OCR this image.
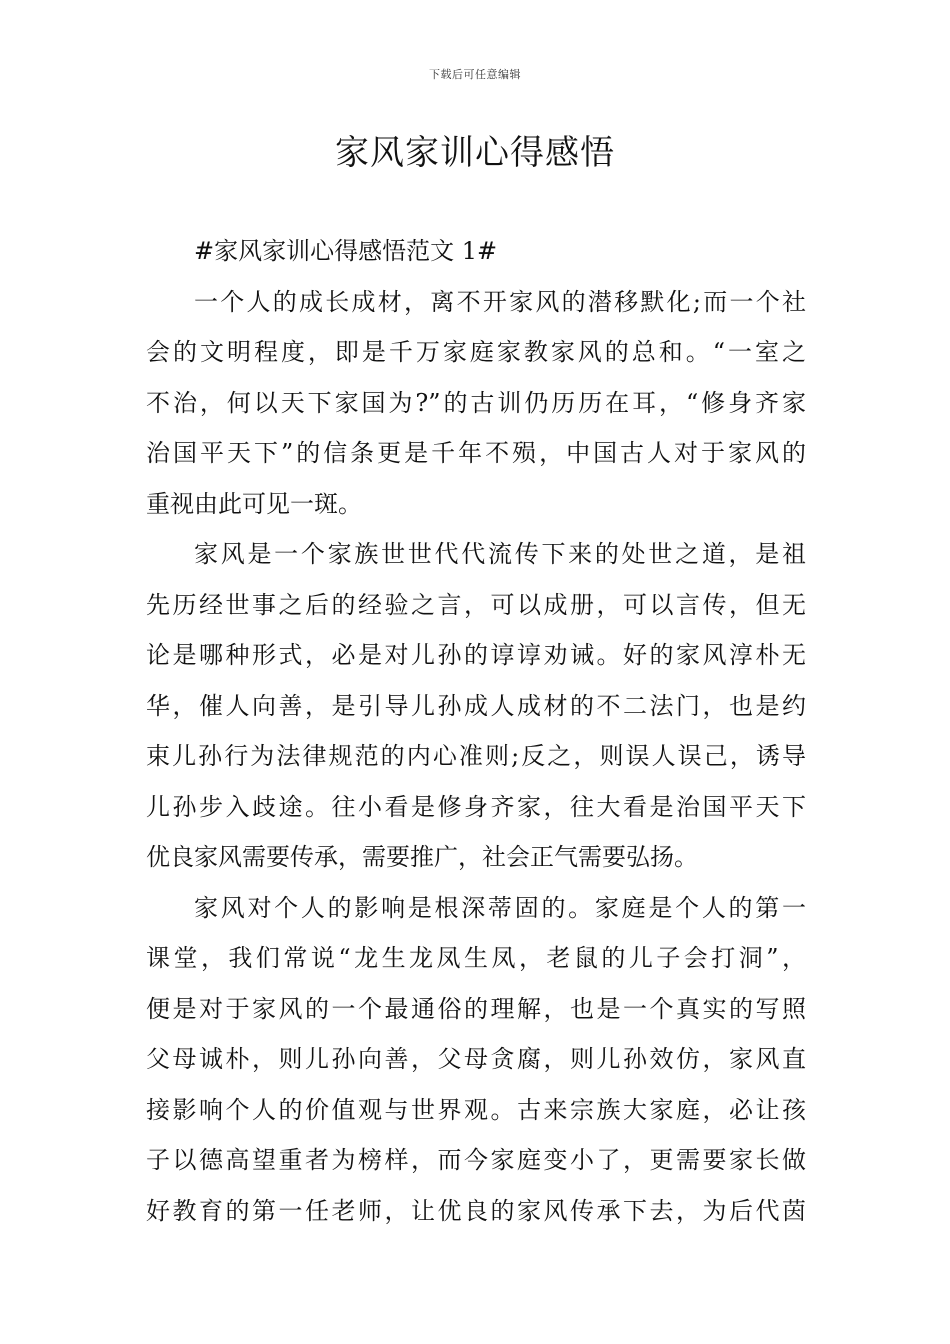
下载后可任意编辑
家风家训心得感悟
#家风家训心得感悟范文 1#
一个人的成长成材，离不开家风的潜移默化;而一个社
会的文明程度，即是千万家庭家教家风的总和。“一室之
不治，何以天下家国为?”的古训仍历历在耳，“修身齐家
治国平天下”的信条更是千年不殒，中国古人对于家风的
重视由此可见一斑。
家风是一个家族世世代代流传下来的处世之道，是祖
先历经世事之后的经验之言，可以成册，可以言传，但无
论是哪种形式，必是对儿孙的谆谆劝诫。好的家风淳朴无
华，催人向善，是引导儿孙成人成材的不二法门，也是约
束儿孙行为法律规范的内心准则;反之，则误人误己，诱导
儿孙步入歧途。往小看是修身齐家，往大看是治国平天下
优良家风需要传承，需要推广，社会正气需要弘扬。
家风对个人的影响是根深蒂固的。家庭是个人的第一
课堂，我们常说“龙生龙凤生凤，老鼠的儿子会打洞”，
便是对于家风的一个最通俗的理解，也是一个真实的写照
父母诚朴，则儿孙向善，父母贪腐，则儿孙效仿，家风直
接影响个人的价值观与世界观。古来宗族大家庭，必让孩
子以德高望重者为榜样，而今家庭变小了，更需要家长做
好教育的第一任老师，让优良的家风传承下去，为后代茵
